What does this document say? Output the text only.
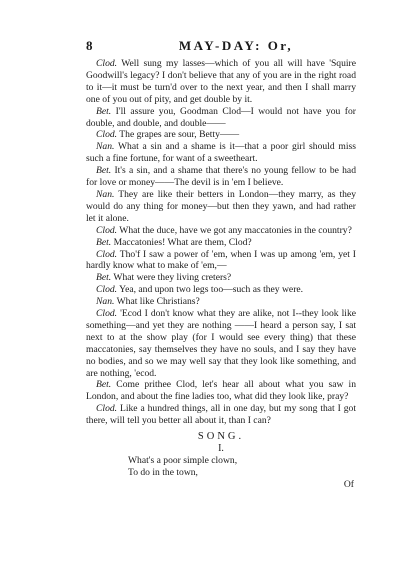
8	MAY-DAY: Or,

Clod. Well sung my lasses—which of you all will have 'Squire Goodwill's legacy? I don't believe that any of you are in the right road to it—it must be turn'd over to the next year, and then I shall marry one of you out of pity, and get double by it.

Bet. I'll assure you, Goodman Clod—I would not have you for double, and double, and double——

Clod. The grapes are sour, Betty——

Nan. What a sin and a shame is it—that a poor girl should miss such a fine fortune, for want of a sweetheart.

Bet. It's a sin, and a shame that there's no young fellow to be had for love or money——The devil is in 'em I believe.

Nan. They are like their betters in London—they marry, as they would do any thing for money—but then they yawn, and had rather let it alone.

Clod. What the duce, have we got any maccatonies in the country?

Bet. Maccatonies! What are them, Clod?

Clod. Tho'f I saw a power of 'em, when I was up among 'em, yet I hardly know what to make of 'em,—

Bet. What were they living creters?

Clod. Yea, and upon two legs too—such as they were.

Nan. What like Christians?

Clod. 'Ecod I don't know what they are alike, not I--they look like something—and yet they are nothing ——I heard a person say, I sat next to at the show play (for I would see every thing) that these maccatonies, say themselves they have no souls, and I say they have no bodies, and so we may well say that they look like something, and are nothing, 'ecod.

Bet. Come prithee Clod, let's hear all about what you saw in London, and about the fine ladies too, what did they look like, pray?

Clod. Like a hundred things, all in one day, but my song that I got there, will tell you better all about it, than I can?

SONG.

I.

What's a poor simple clown,

To do in the town,

Of
